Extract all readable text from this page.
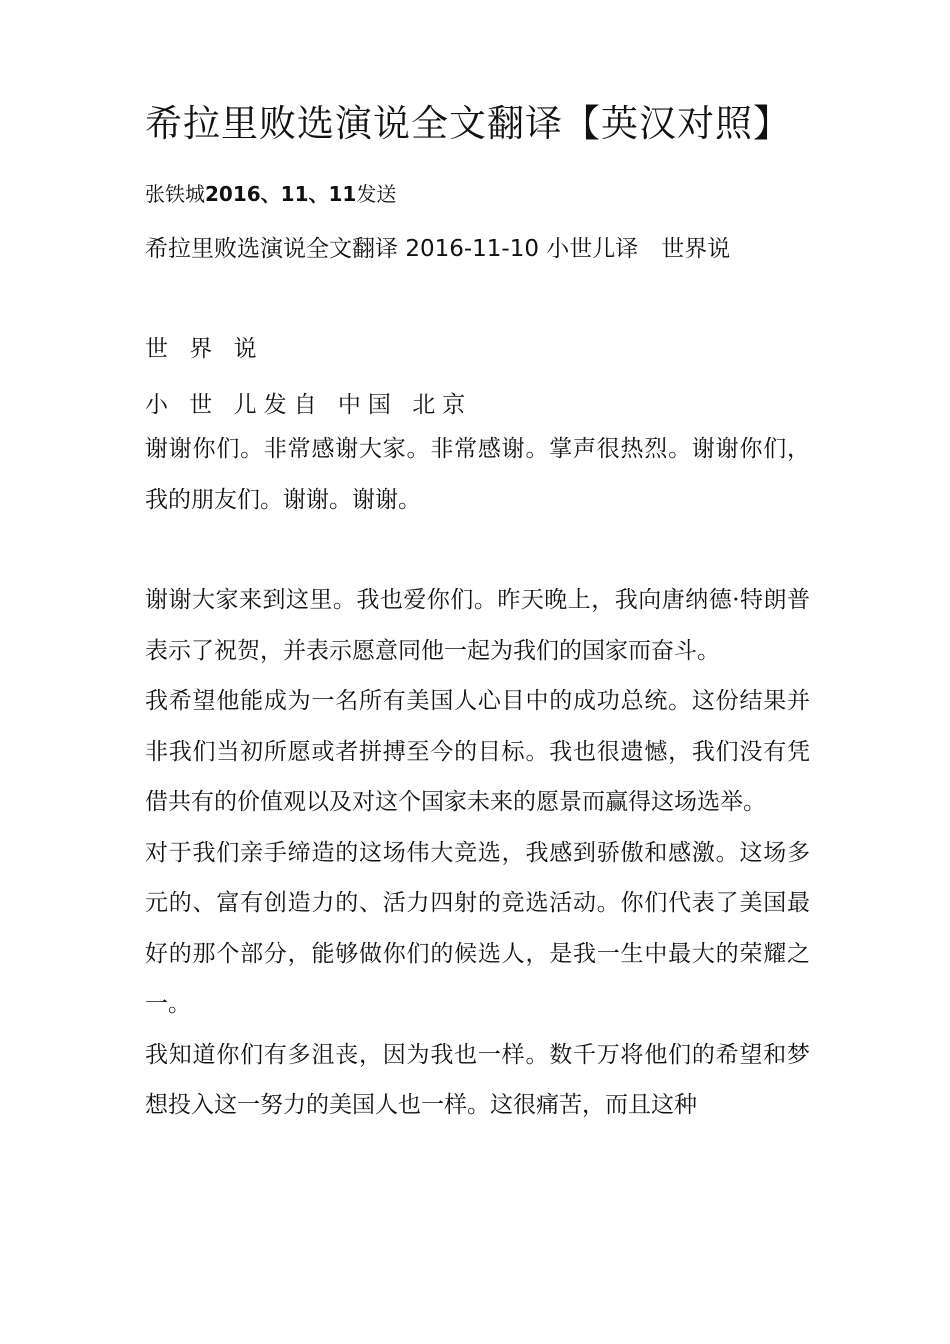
希拉里败选演说全文翻译【英汉对照】
张铁城2016、11、11发送
希拉里败选演说全文翻译 2016-11-10 小世儿译　世界说

世 界 说

小 世 儿发自 中国 北京

谢谢你们。非常感谢大家。非常感谢。掌声很热烈。谢谢你们，我的朋友们。谢谢。谢谢。

谢谢大家来到这里。我也爱你们。昨天晚上，我向唐纳德·特朗普表示了祝贺，并表示愿意同他一起为我们的国家而奋斗。

我希望他能成为一名所有美国人心目中的成功总统。这份结果并非我们当初所愿或者拼搏至今的目标。我也很遗憾，我们没有凭借共有的价值观以及对这个国家未来的愿景而赢得这场选举。

对于我们亲手缔造的这场伟大竞选，我感到骄傲和感激。这场多元的、富有创造力的、活力四射的竞选活动。你们代表了美国最好的那个部分，能够做你们的候选人，是我一生中最大的荣耀之一。

我知道你们有多沮丧，因为我也一样。数千万将他们的希望和梦想投入这一努力的美国人也一样。这很痛苦，而且这种
